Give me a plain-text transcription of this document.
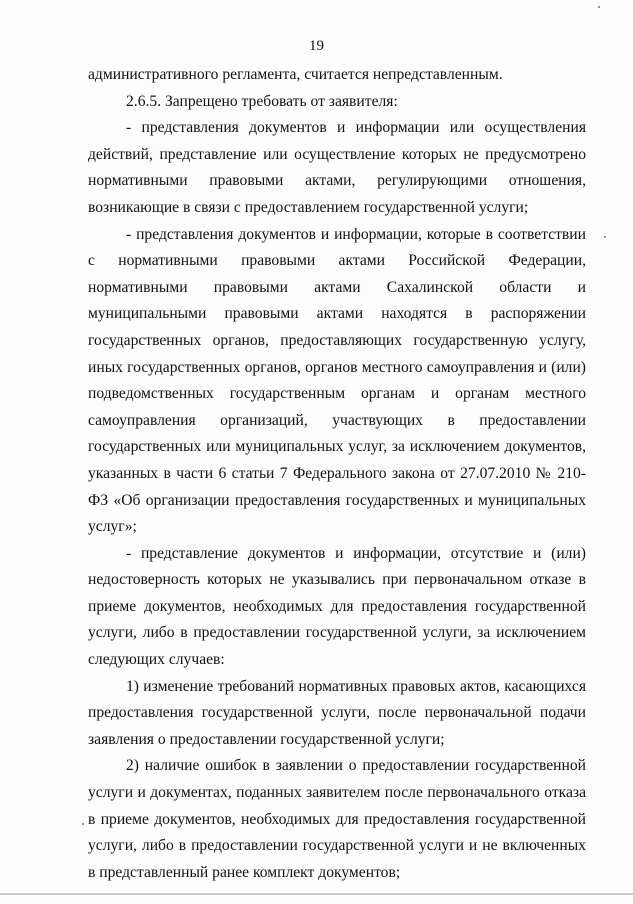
19

административного регламента, считается непредставленным.

2.6.5. Запрещено требовать от заявителя:

- представления документов и информации или осуществления действий, представление или осуществление которых не предусмотрено нормативными правовыми актами, регулирующими отношения, возникающие в связи с предоставлением государственной услуги;

- представления документов и информации, которые в соответствии с нормативными правовыми актами Российской Федерации, нормативными правовыми актами Сахалинской области и муниципальными правовыми актами находятся в распоряжении государственных органов, предоставляющих государственную услугу, иных государственных органов, органов местного самоуправления и (или) подведомственных государственным органам и органам местного самоуправления организаций, участвующих в предоставлении государственных или муниципальных услуг, за исключением документов, указанных в части 6 статьи 7 Федерального закона от 27.07.2010 № 210-ФЗ «Об организации предоставления государственных и муниципальных услуг»;

- представление документов и информации, отсутствие и (или) недостоверность которых не указывались при первоначальном отказе в приеме документов, необходимых для предоставления государственной услуги, либо в предоставлении государственной услуги, за исключением следующих случаев:

1) изменение требований нормативных правовых актов, касающихся предоставления государственной услуги, после первоначальной подачи заявления о предоставлении государственной услуги;

2) наличие ошибок в заявлении о предоставлении государственной услуги и документах, поданных заявителем после первоначального отказа в приеме документов, необходимых для предоставления государственной услуги, либо в предоставлении государственной услуги и не включенных в представленный ранее комплект документов;
